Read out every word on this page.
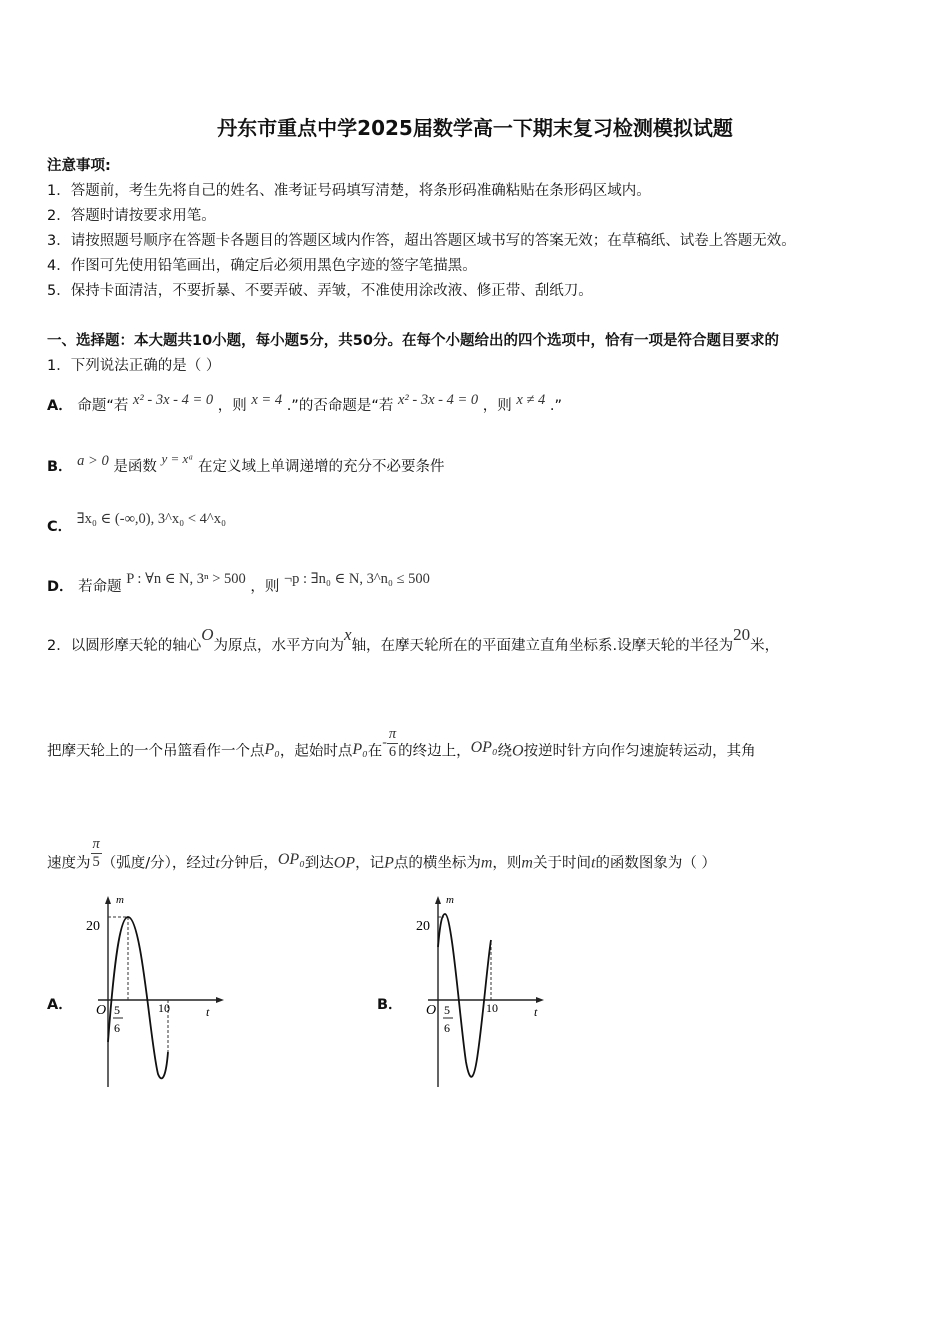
丹东市重点中学2025届数学高一下期末复习检测模拟试题
注意事项:
1．答题前，考生先将自己的姓名、准考证号码填写清楚，将条形码准确粘贴在条形码区域内。
2．答题时请按要求用笔。
3．请按照题号顺序在答题卡各题目的答题区域内作答，超出答题区域书写的答案无效；在草稿纸、试卷上答题无效。
4．作图可先使用铅笔画出，确定后必须用黑色字迹的签字笔描黑。
5．保持卡面清洁，不要折暴、不要弄破、弄皱，不准使用涂改液、修正带、刮纸刀。
一、选择题：本大题共10小题，每小题5分，共50分。在每个小题给出的四个选项中，恰有一项是符合题目要求的
1．下列说法正确的是（ ）
A． 命题“若 x² - 3x - 4 = 0 ，则 x = 4 .”的否命题是“若 x² - 3x - 4 = 0 ，则 x ≠ 4 .”
B． a > 0 是函数 y = xᵃ 在定义域上单调递增的充分不必要条件
C． ∃x₀ ∈ (-∞,0), 3^x₀ < 4^x₀
D． 若命题 P : ∀n ∈ N, 3ⁿ > 500 ，则 ¬p : ∃n₀ ∈ N, 3^n₀ ≤ 500
2．以圆形摩天轮的轴心O为原点，水平方向为x轴，在摩天轮所在的平面建立直角坐标系.设摩天轮的半径为20米，
把摩天轮上的一个吊篮看作一个点P₀，起始时点P₀在- $\frac{\pi}{6}$ 的终边上，OP₀绕O按逆时针方向作匀速旋转运动，其角
速度为 $\frac{\pi}{5}$ （弧度/分），经过t分钟后，OP₀到达OP，记P点的横坐标为m，则m关于时间t的函数图象为（ ）
A．
m
20
O 5
6
10	t	B．
m
20
O 5
6
10	t
